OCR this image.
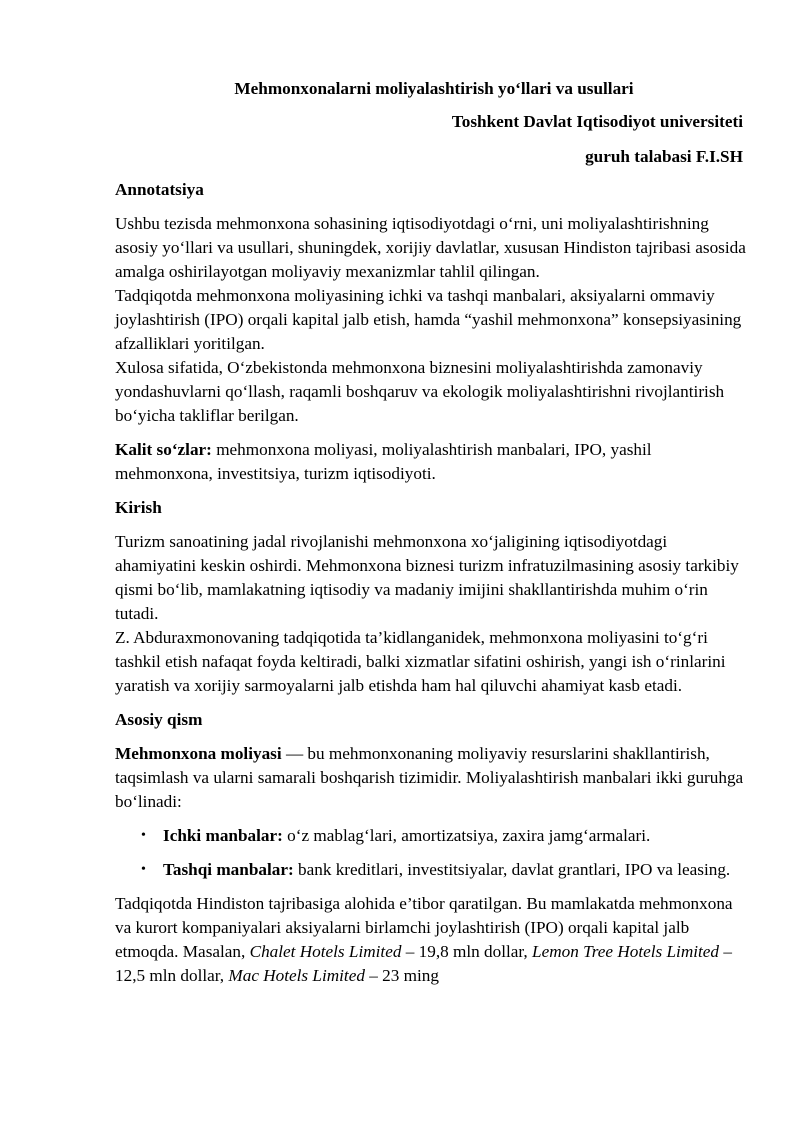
Mehmonxonalarni moliyalashtirish yo‘llari va usullari
Toshkent Davlat Iqtisodiyot universiteti
guruh talabasi F.I.SH
Annotatsiya
Ushbu tezisda mehmonxona sohasining iqtisodiyotdagi o‘rni, uni moliyalashtirishning asosiy yo‘llari va usullari, shuningdek, xorijiy davlatlar, xususan Hindiston tajribasi asosida amalga oshirilayotgan moliyaviy mexanizmlar tahlil qilingan.
Tadqiqotda mehmonxona moliyasining ichki va tashqi manbalari, aksiyalarni ommaviy joylashtirish (IPO) orqali kapital jalb etish, hamda “yashil mehmonxona” konsepsiyasining afzalliklari yoritilgan.
Xulosa sifatida, O‘zbekistonda mehmonxona biznesini moliyalashtirishda zamonaviy yondashuvlarni qo‘llash, raqamli boshqaruv va ekologik moliyalashtirishni rivojlantirish bo‘yicha takliflar berilgan.
Kalit so‘zlar: mehmonxona moliyasi, moliyalashtirish manbalari, IPO, yashil mehmonxona, investitsiya, turizm iqtisodiyoti.
Kirish
Turizm sanoatining jadal rivojlanishi mehmonxona xo‘jaligining iqtisodiyotdagi ahamiyatini keskin oshirdi. Mehmonxona biznesi turizm infratuzilmasining asosiy tarkibiy qismi bo‘lib, mamlakatning iqtisodiy va madaniy imijini shakllantirishda muhim o‘rin tutadi.
Z. Abduraxmonovaning tadqiqotida ta’kidlanganidek, mehmonxona moliyasini to‘g‘ri tashkil etish nafaqat foyda keltiradi, balki xizmatlar sifatini oshirish, yangi ish o‘rinlarini yaratish va xorijiy sarmoyalarni jalb etishda ham hal qiluvchi ahamiyat kasb etadi.
Asosiy qism
Mehmonxona moliyasi — bu mehmonxonaning moliyaviy resurslarini shakllantirish, taqsimlash va ularni samarali boshqarish tizimidir. Moliyalashtirish manbalari ikki guruhga bo‘linadi:
• Ichki manbalar: o‘z mablag‘lari, amortizatsiya, zaxira jamg‘armalari.
• Tashqi manbalar: bank kreditlari, investitsiyalar, davlat grantlari, IPO va leasing.
Tadqiqotda Hindiston tajribasiga alohida e’tibor qaratilgan. Bu mamlakatda mehmonxona va kurort kompaniyalari aksiyalarni birlamchi joylashtirish (IPO) orqali kapital jalb etmoqda. Masalan, Chalet Hotels Limited – 19,8 mln dollar, Lemon Tree Hotels Limited – 12,5 mln dollar, Mac Hotels Limited – 23 ming
